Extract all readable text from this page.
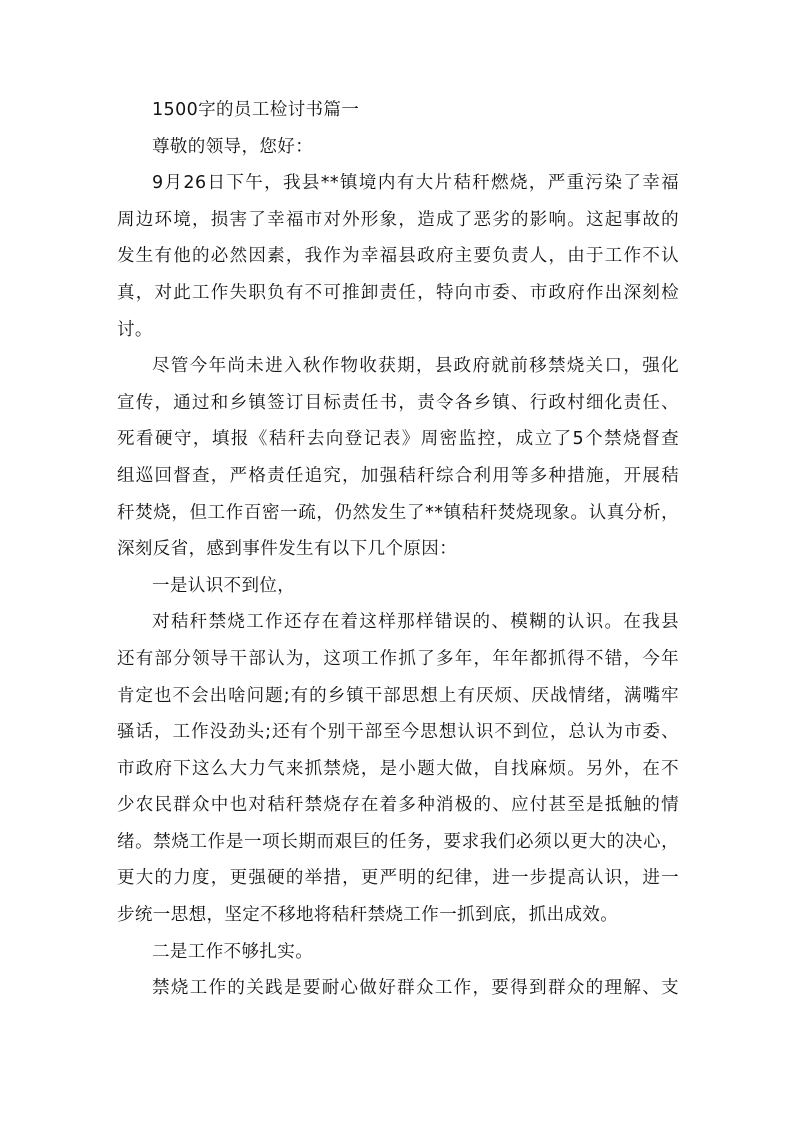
1500字的员工检讨书篇一
尊敬的领导，您好：
9月26日下午，我县**镇境内有大片秸秆燃烧，严重污染了幸福
周边环境，损害了幸福市对外形象，造成了恶劣的影响。这起事故的
发生有他的必然因素，我作为幸福县政府主要负责人，由于工作不认
真，对此工作失职负有不可推卸责任，特向市委、市政府作出深刻检
讨。
尽管今年尚未进入秋作物收获期，县政府就前移禁烧关口，强化
宣传，通过和乡镇签订目标责任书，责令各乡镇、行政村细化责任、
死看硬守，填报《秸秆去向登记表》周密监控，成立了5个禁烧督查
组巡回督查，严格责任追究，加强秸秆综合利用等多种措施，开展秸
秆焚烧，但工作百密一疏，仍然发生了**镇秸秆焚烧现象。认真分析，
深刻反省，感到事件发生有以下几个原因：
一是认识不到位，
对秸秆禁烧工作还存在着这样那样错误的、模糊的认识。在我县
还有部分领导干部认为，这项工作抓了多年，年年都抓得不错，今年
肯定也不会出啥问题;有的乡镇干部思想上有厌烦、厌战情绪，满嘴牢
骚话，工作没劲头;还有个别干部至今思想认识不到位，总认为市委、
市政府下这么大力气来抓禁烧，是小题大做，自找麻烦。另外，在不
少农民群众中也对秸秆禁烧存在着多种消极的、应付甚至是抵触的情
绪。禁烧工作是一项长期而艰巨的任务，要求我们必须以更大的决心，
更大的力度，更强硬的举措，更严明的纪律，进一步提高认识，进一
步统一思想，坚定不移地将秸秆禁烧工作一抓到底，抓出成效。
二是工作不够扎实。
禁烧工作的关践是要耐心做好群众工作，要得到群众的理解、支
